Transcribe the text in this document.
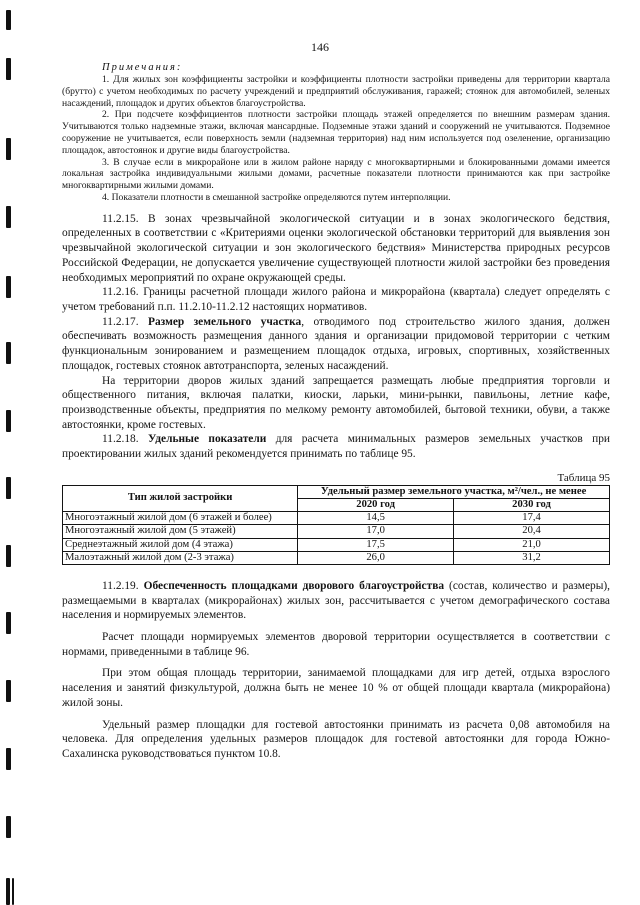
146

Примечания:

1. Для жилых зон коэффициенты застройки и коэффициенты плотности застройки приведены для территории квартала (брутто) с учетом необходимых по расчету учреждений и предприятий обслуживания, гаражей; стоянок для автомобилей, зеленых насаждений, площадок и других объектов благоустройства.

2. При подсчете коэффициентов плотности застройки площадь этажей определяется по внешним размерам здания. Учитываются только надземные этажи, включая мансардные. Подземные этажи зданий и сооружений не учитываются. Подземное сооружение не учитывается, если поверхность земли (надземная территория) над ним используется под озеленение, организацию площадок, автостоянок и другие виды благоустройства.

3. В случае если в микрорайоне или в жилом районе наряду с многоквартирными и блокированными домами имеется локальная застройка индивидуальными жилыми домами, расчетные показатели плотности принимаются как при застройке многоквартирными жилыми домами.

4. Показатели плотности в смешанной застройке определяются путем интерполяции.

11.2.15. В зонах чрезвычайной экологической ситуации и в зонах экологического бедствия, определенных в соответствии с «Критериями оценки экологической обстановки территорий для выявления зон чрезвычайной экологической ситуации и зон экологического бедствия» Министерства природных ресурсов Российской Федерации, не допускается увеличение существующей плотности жилой застройки без проведения необходимых мероприятий по охране окружающей среды.

11.2.16. Границы расчетной площади жилого района и микрорайона (квартала) следует определять с учетом требований п.п. 11.2.10-11.2.12 настоящих нормативов.

11.2.17. Размер земельного участка, отводимого под строительство жилого здания, должен обеспечивать возможность размещения данного здания и организации придомовой территории с четким функциональным зонированием и размещением площадок отдыха, игровых, спортивных, хозяйственных площадок, гостевых стоянок автотранспорта, зеленых насаждений.

На территории дворов жилых зданий запрещается размещать любые предприятия торговли и общественного питания, включая палатки, киоски, ларьки, мини-рынки, павильоны, летние кафе, производственные объекты, предприятия по мелкому ремонту автомобилей, бытовой техники, обуви, а также автостоянки, кроме гостевых.

11.2.18. Удельные показатели для расчета минимальных размеров земельных участков при проектировании жилых зданий рекомендуется принимать по таблице 95.

Таблица 95
Тип жилой застройки	Удельный размер земельного участка, м²/чел., не менее	
	2020 год	2030 год
Многоэтажный жилой дом (6 этажей и более)	14,5	17,4
Многоэтажный жилой дом (5 этажей)	17,0	20,4
Среднеэтажный жилой дом (4 этажа)	17,5	21,0
Малоэтажный жилой дом (2-3 этажа)	26,0	31,2

11.2.19. Обеспеченность площадками дворового благоустройства (состав, количество и размеры), размещаемыми в кварталах (микрорайонах) жилых зон, рассчитывается с учетом демографического состава населения и нормируемых элементов.

Расчет площади нормируемых элементов дворовой территории осуществляется в соответствии с нормами, приведенными в таблице 96.

При этом общая площадь территории, занимаемой площадками для игр детей, отдыха взрослого населения и занятий физкультурой, должна быть не менее 10 % от общей площади квартала (микрорайона) жилой зоны.

Удельный размер площадки для гостевой автостоянки принимать из расчета 0,08 автомобиля на человека. Для определения удельных размеров площадок для гостевой автостоянки для города Южно-Сахалинска руководствоваться пунктом 10.8.
